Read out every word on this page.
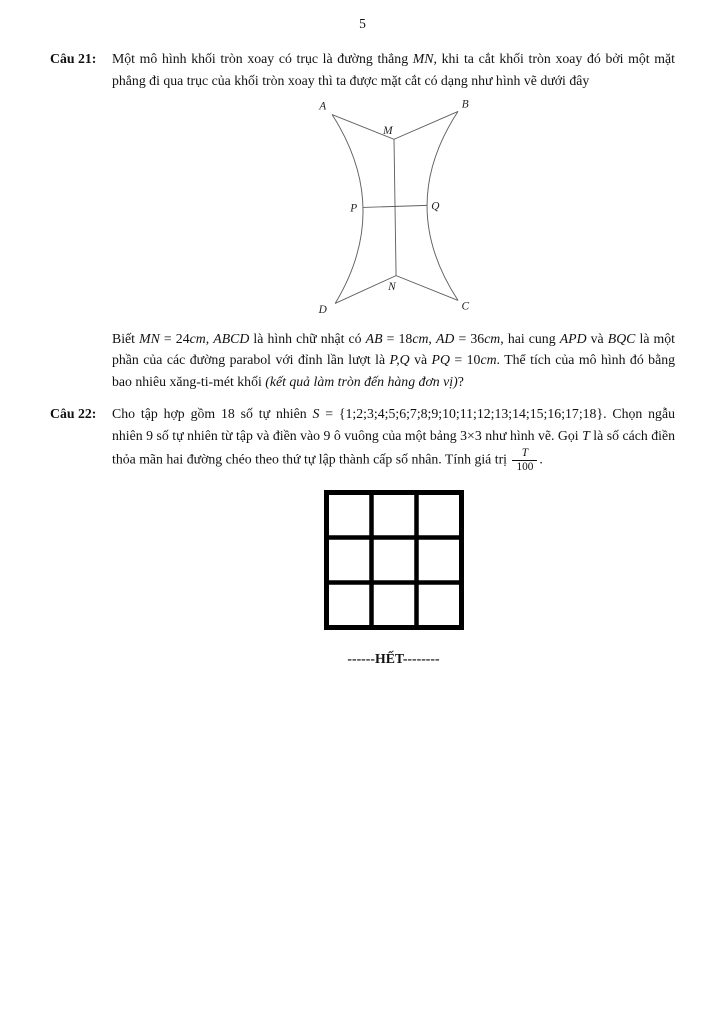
5
Câu 21:	Một mô hình khối tròn xoay có trục là đường thẳng MN, khi ta cắt khối tròn xoay đó bởi một mặt phẳng đi qua trục của khối tròn xoay thì ta được mặt cắt có dạng như hình vẽ dưới đây

A	B
M
P	Q
N
D	C

Biết MN = 24cm, ABCD là hình chữ nhật có AB = 18cm, AD = 36cm, hai cung APD và BQC là một phần của các đường parabol với đỉnh lần lượt là P,Q và PQ = 10cm. Thể tích của mô hình đó bằng bao nhiêu xăng-ti-mét khối (kết quả làm tròn đến hàng đơn vị)?

Câu 22:	Cho tập hợp gồm 18 số tự nhiên S = {1;2;3;4;5;6;7;8;9;10;11;12;13;14;15;16;17;18}. Chọn ngẫu nhiên 9 số tự nhiên từ tập và điền vào 9 ô vuông của một bảng 3×3 như hình vẽ. Gọi T là số cách điền thỏa mãn hai đường chéo theo thứ tự lập thành cấp số nhân. Tính giá trị $\frac{T}{100}$ .

------HẾT--------
